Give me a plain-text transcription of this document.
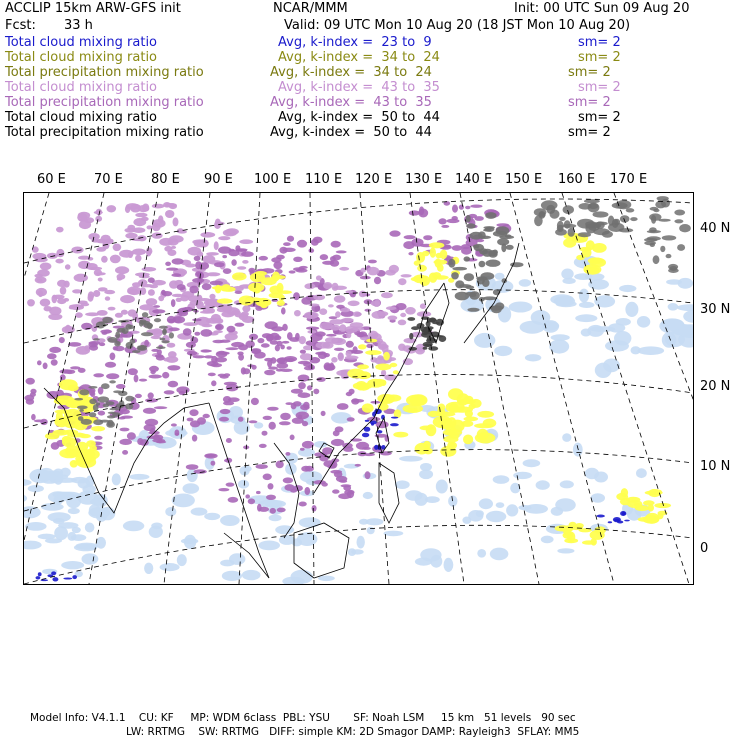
ACCLIP 15km ARW-GFS init	NCAR/MMM	Init: 00 UTC Sun 09 Aug 20
Fcst: 33 h	Valid: 09 UTC Mon 10 Aug 20 (18 JST Mon 10 Aug 20)
Total cloud mixing ratio	Avg, k-index =  23 to  9	sm= 2
Total cloud mixing ratio	Avg, k-index =  34 to  24	sm= 2
Total precipitation mixing ratio	Avg, k-index =  34 to  24	sm= 2
Total cloud mixing ratio	Avg, k-index =  43 to  35	sm= 2
Total precipitation mixing ratio	Avg, k-index =  43 to  35	sm= 2
Total cloud mixing ratio	Avg, k-index =  50 to  44	sm= 2
Total precipitation mixing ratio	Avg, k-index =  50 to  44	sm= 2
60 E 70 E 80 E 90 E 100 E 110 E 120 E 130 E 140 E 150 E 160 E 170 E
40 N
30 N
20 N
10 N
0
Model Info: V4.1.1    CU: KF     MP: WDM 6class  PBL: YSU       SF: Noah LSM     15 km   51 levels   90 sec
LW: RRTMG    SW: RRTMG   DIFF: simple KM: 2D Smagor DAMP: Rayleigh3  SFLAY: MM5
